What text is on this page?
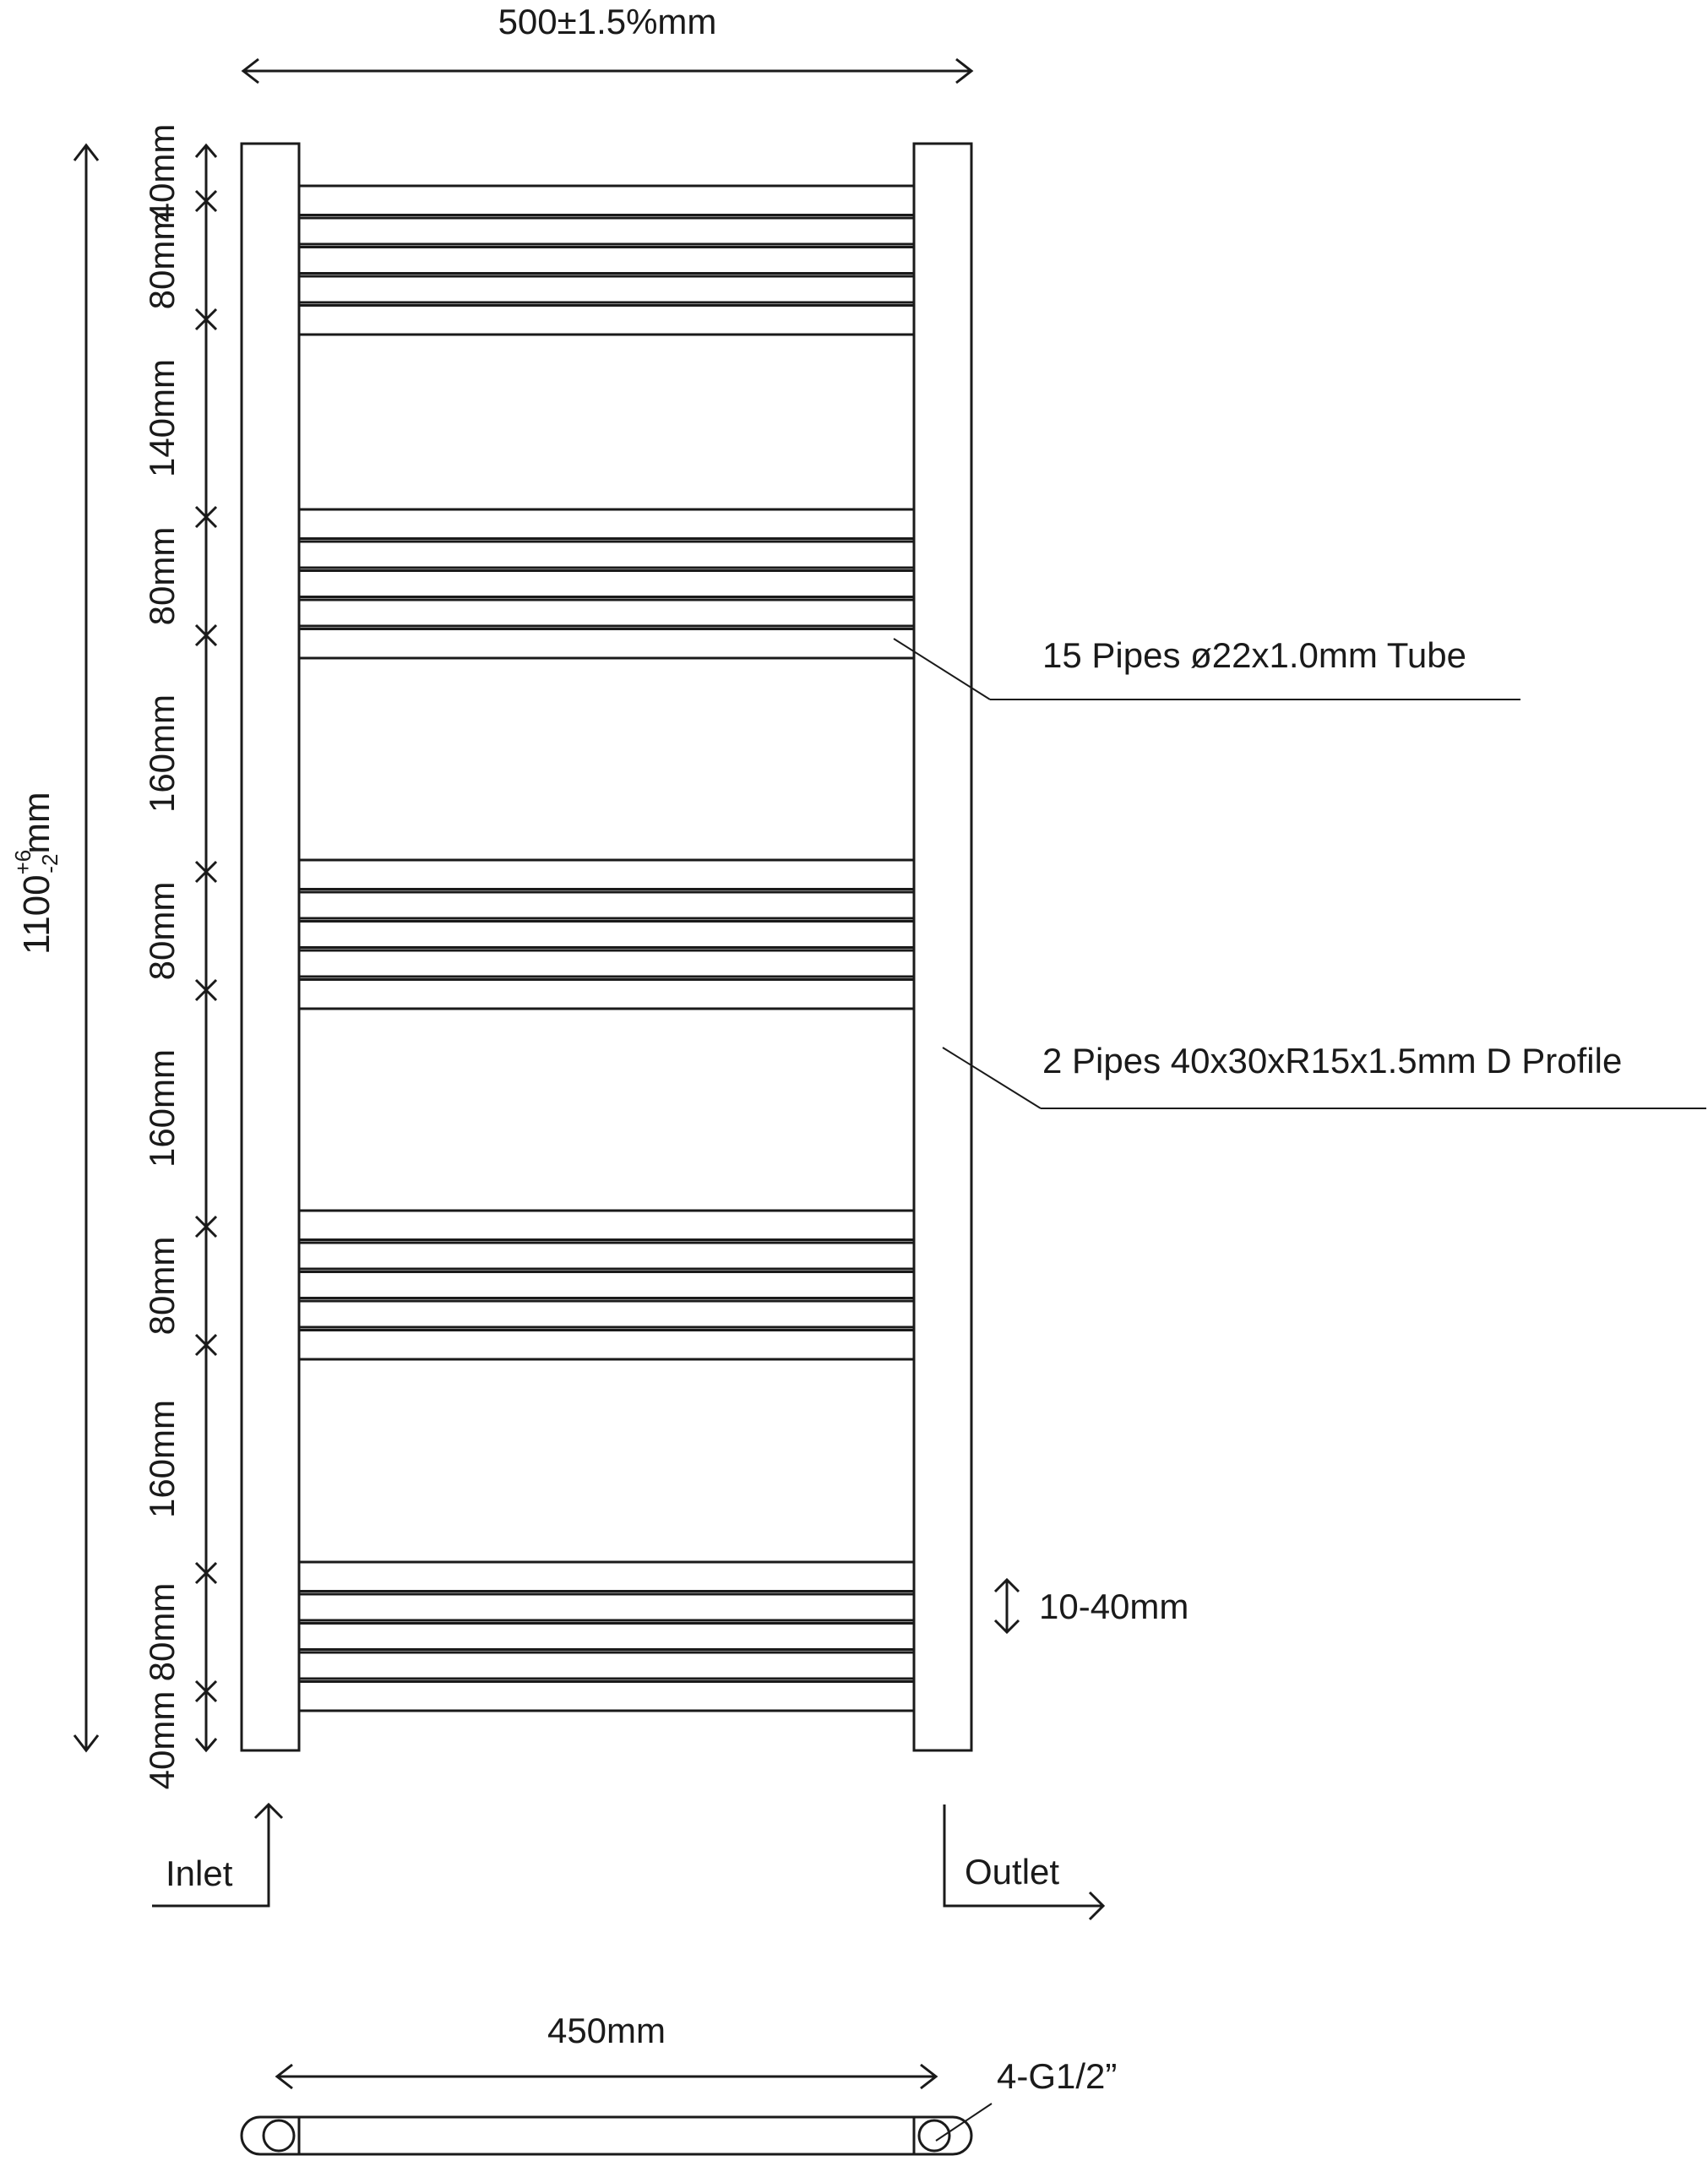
500±1.5%mm
$1100^{+6}-2mm$
40mm
80mm
140mm
80mm
160mm
80mm
160mm
80mm
160mm
80mm
40mm
15 Pipes ø22x1.0mm Tube
2 Pipes 40x30xR15x1.5mm D Profile
10-40mm
Inlet	Outlet
450mm
4-G1/2”
